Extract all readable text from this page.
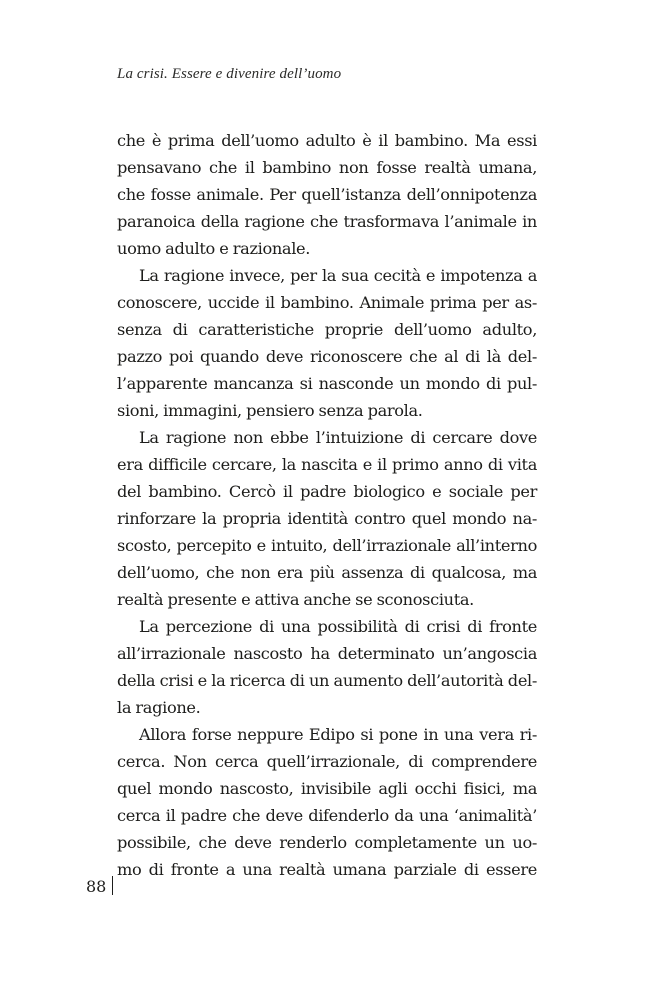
La crisi. Essere e divenire dell’uomo
che è prima dell’uomo adulto è il bambino. Ma essi
pensavano che il bambino non fosse realtà umana,
che fosse animale. Per quell’istanza dell’onnipotenza
paranoica della ragione che trasformava l’animale in
uomo adulto e razionale.
La ragione invece, per la sua cecità e impotenza a
conoscere, uccide il bambino. Animale prima per as-
senza di caratteristiche proprie dell’uomo adulto,
pazzo poi quando deve riconoscere che al di là del-
l’apparente mancanza si nasconde un mondo di pul-
sioni, immagini, pensiero senza parola.
La ragione non ebbe l’intuizione di cercare dove
era difficile cercare, la nascita e il primo anno di vita
del bambino. Cercò il padre biologico e sociale per
rinforzare la propria identità contro quel mondo na-
scosto, percepito e intuito, dell’irrazionale all’interno
dell’uomo, che non era più assenza di qualcosa, ma
realtà presente e attiva anche se sconosciuta.
La percezione di una possibilità di crisi di fronte
all’irrazionale nascosto ha determinato un’angoscia
della crisi e la ricerca di un aumento dell’autorità del-
la ragione.
Allora forse neppure Edipo si pone in una vera ri-
cerca. Non cerca quell’irrazionale, di comprendere
quel mondo nascosto, invisibile agli occhi fisici, ma
cerca il padre che deve difenderlo da una ‘animalità’
possibile, che deve renderlo completamente un uo-
mo di fronte a una realtà umana parziale di essere
88
